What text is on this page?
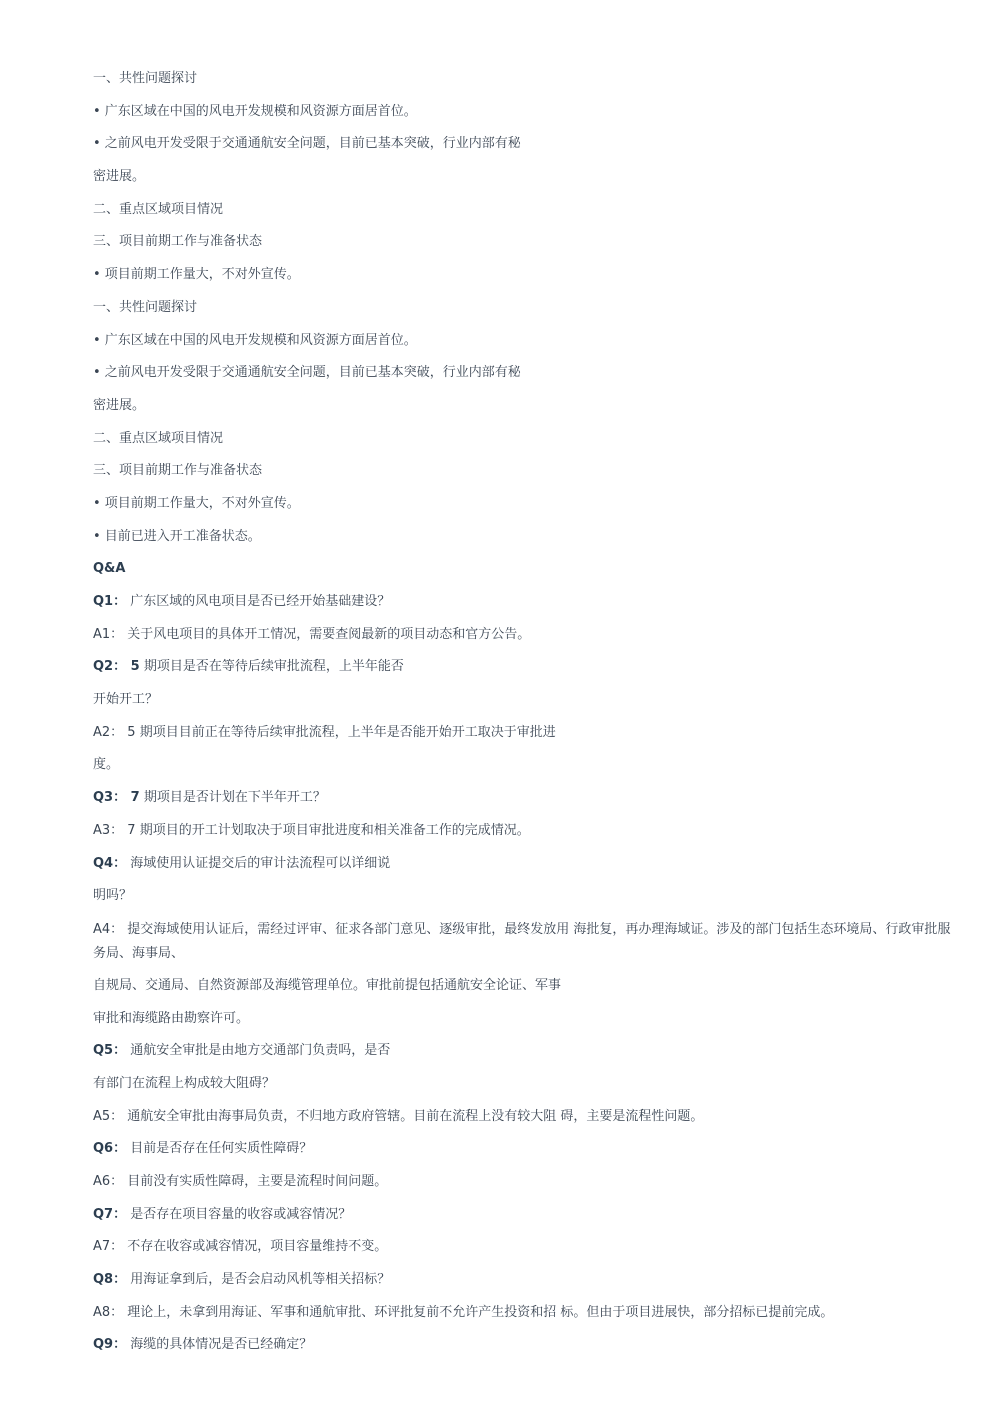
一、共性问题探讨
• 广东区域在中国的风电开发规模和风资源方面居首位。
• 之前风电开发受限于交通通航安全问题，目前已基本突破，行业内部有秘
密进展。
二、重点区域项目情况
三、项目前期工作与准备状态
• 项目前期工作量大，不对外宣传。
一、共性问题探讨
• 广东区域在中国的风电开发规模和风资源方面居首位。
• 之前风电开发受限于交通通航安全问题，目前已基本突破，行业内部有秘
密进展。
二、重点区域项目情况
三、项目前期工作与准备状态
• 项目前期工作量大，不对外宣传。
• 目前已进入开工准备状态。
Q&A
Q1： 广东区域的风电项目是否已经开始基础建设？
A1： 关于风电项目的具体开工情况，需要查阅最新的项目动态和官方公告。
Q2： 5 期项目是否在等待后续审批流程，上半年能否
开始开工？
A2： 5 期项目目前正在等待后续审批流程，上半年是否能开始开工取决于审批进
度。
Q3： 7 期项目是否计划在下半年开工？
A3： 7 期项目的开工计划取决于项目审批进度和相关准备工作的完成情况。
Q4： 海域使用认证提交后的审计法流程可以详细说
明吗？
A4： 提交海域使用认证后，需经过评审、征求各部门意见、逐级审批，最终发放用 海批复，再办理海域证。涉及的部门包括生态环境局、行政审批服务局、海事局、
自规局、交通局、自然资源部及海缆管理单位。审批前提包括通航安全论证、军事
审批和海缆路由勘察许可。
Q5： 通航安全审批是由地方交通部门负责吗，是否
有部门在流程上构成较大阻碍？
A5： 通航安全审批由海事局负责，不归地方政府管辖。目前在流程上没有较大阻 碍，主要是流程性问题。
Q6： 目前是否存在任何实质性障碍？
A6： 目前没有实质性障碍，主要是流程时间问题。
Q7： 是否存在项目容量的收容或减容情况？
A7： 不存在收容或减容情况，项目容量维持不变。
Q8： 用海证拿到后，是否会启动风机等相关招标？
A8： 理论上，未拿到用海证、军事和通航审批、环评批复前不允许产生投资和招 标。但由于项目进展快，部分招标已提前完成。
Q9： 海缆的具体情况是否已经确定？
